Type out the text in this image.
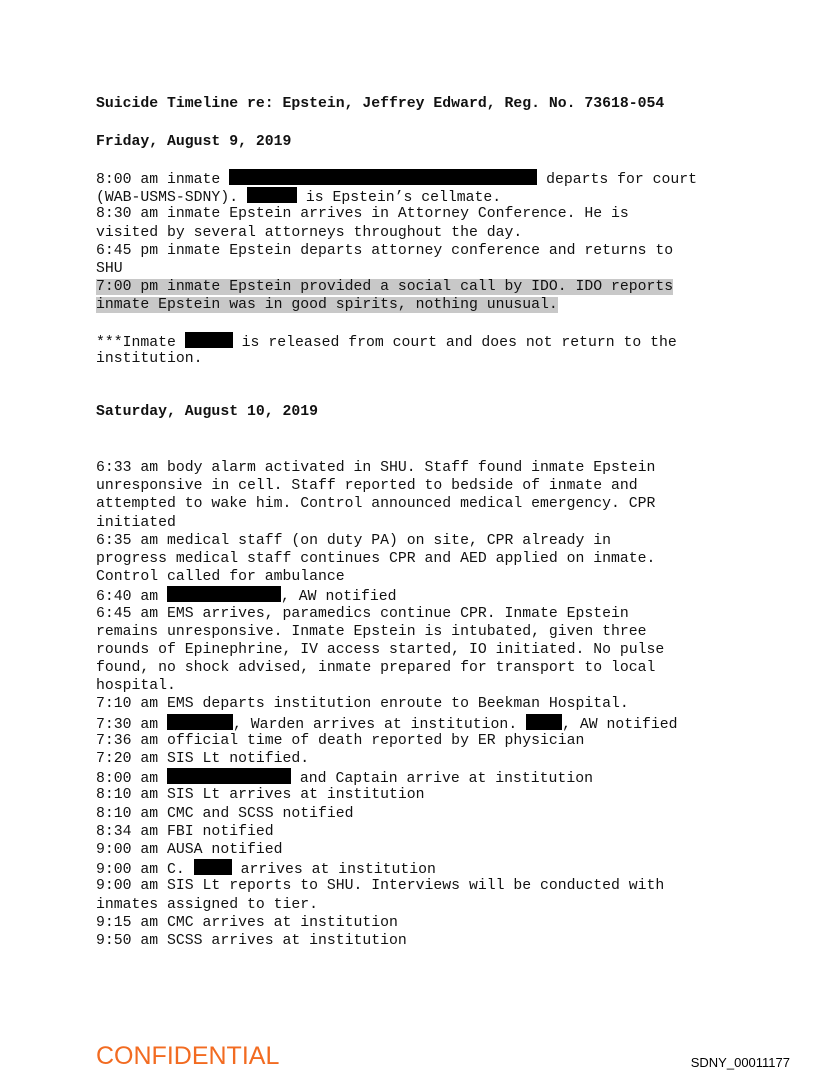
Suicide Timeline re: Epstein, Jeffrey Edward, Reg. No. 73618-054
Friday, August 9, 2019
8:00 am inmate	departs for court
(WAB-USMS-SDNY).	is Epstein’s cellmate.
8:30 am inmate Epstein arrives in Attorney Conference. He is
visited by several attorneys throughout the day.
6:45 pm inmate Epstein departs attorney conference and returns to
SHU
7:00 pm inmate Epstein provided a social call by IDO. IDO reports
inmate Epstein was in good spirits, nothing unusual.
***Inmate	is released from court and does not return to the
institution.
Saturday, August 10, 2019
6:33 am body alarm activated in SHU. Staff found inmate Epstein
unresponsive in cell. Staff reported to bedside of inmate and
attempted to wake him. Control announced medical emergency. CPR
initiated
6:35 am medical staff (on duty PA) on site, CPR already in
progress medical staff continues CPR and AED applied on inmate.
Control called for ambulance
6:40 am	, AW notified
6:45 am EMS arrives, paramedics continue CPR. Inmate Epstein
remains unresponsive. Inmate Epstein is intubated, given three
rounds of Epinephrine, IV access started, IO initiated. No pulse
found, no shock advised, inmate prepared for transport to local
hospital.
7:10 am EMS departs institution enroute to Beekman Hospital.
7:30 am	, Warden arrives at institution. , AW notified
7:36 am official time of death reported by ER physician
7:20 am SIS Lt notified.
8:00 am	and Captain arrive at institution
8:10 am SIS Lt arrives at institution
8:10 am CMC and SCSS notified
8:34 am FBI notified
9:00 am AUSA notified
9:00 am C.	arrives at institution
9:00 am SIS Lt reports to SHU. Interviews will be conducted with
inmates assigned to tier.
9:15 am CMC arrives at institution
9:50 am SCSS arrives at institution
CONFIDENTIAL	SDNY_00011177
